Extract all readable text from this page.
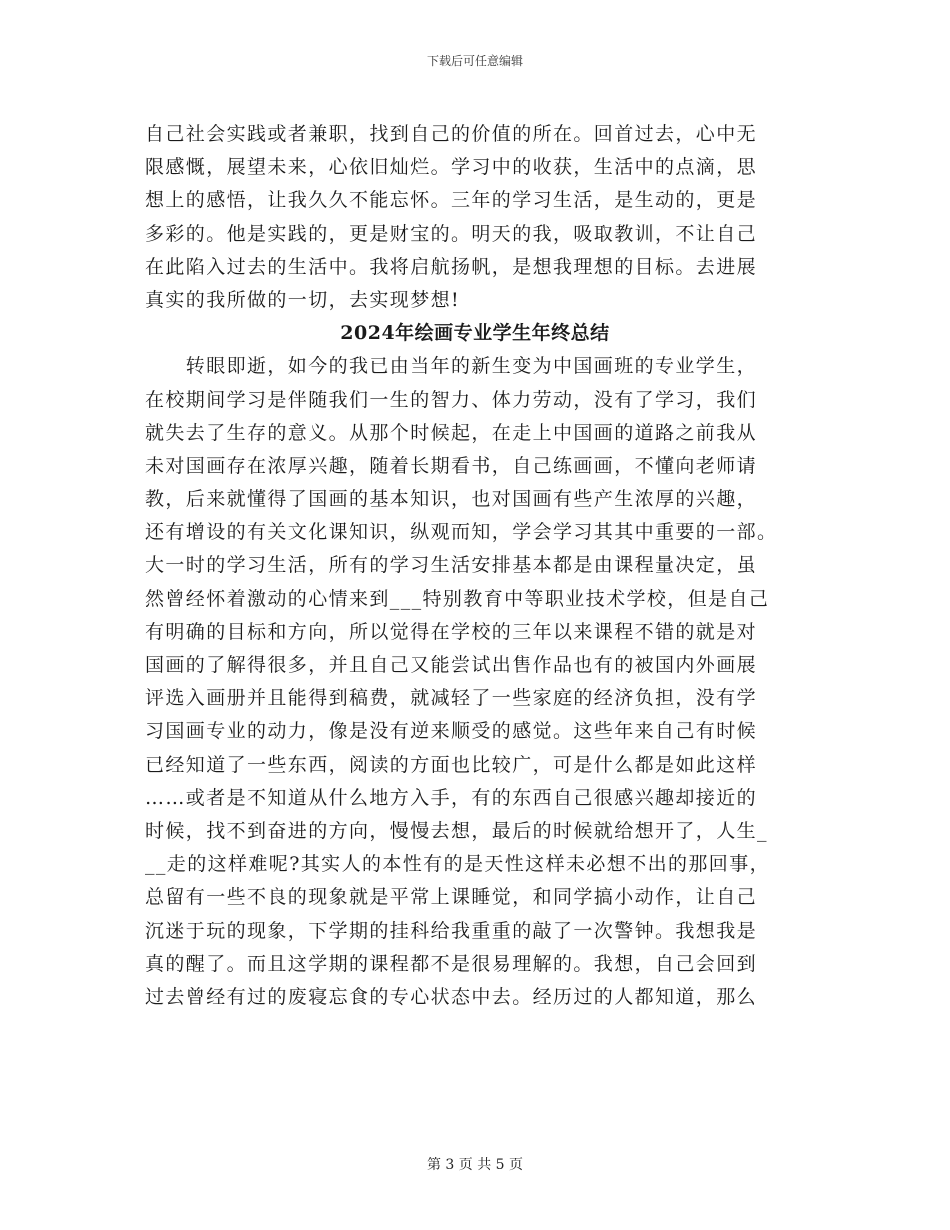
下载后可任意编辑
自己社会实践或者兼职，找到自己的价值的所在。回首过去，心中无
限感慨，展望未来，心依旧灿烂。学习中的收获，生活中的点滴，思
想上的感悟，让我久久不能忘怀。三年的学习生活，是生动的，更是
多彩的。他是实践的，更是财宝的。明天的我，吸取教训，不让自己
在此陷入过去的生活中。我将启航扬帆，是想我理想的目标。去进展
真实的我所做的一切，去实现梦想!
2024年绘画专业学生年终总结
　　转眼即逝，如今的我已由当年的新生变为中国画班的专业学生，
在校期间学习是伴随我们一生的智力、体力劳动，没有了学习，我们
就失去了生存的意义。从那个时候起，在走上中国画的道路之前我从
未对国画存在浓厚兴趣，随着长期看书，自己练画画，不懂向老师请
教，后来就懂得了国画的基本知识，也对国画有些产生浓厚的兴趣，
还有增设的有关文化课知识，纵观而知，学会学习其其中重要的一部。
大一时的学习生活，所有的学习生活安排基本都是由课程量决定，虽
然曾经怀着激动的心情来到___特别教育中等职业技术学校，但是自己
有明确的目标和方向，所以觉得在学校的三年以来课程不错的就是对
国画的了解得很多，并且自己又能尝试出售作品也有的被国内外画展
评选入画册并且能得到稿费，就减轻了一些家庭的经济负担，没有学
习国画专业的动力，像是没有逆来顺受的感觉。这些年来自己有时候
已经知道了一些东西，阅读的方面也比较广，可是什么都是如此这样
……或者是不知道从什么地方入手，有的东西自己很感兴趣却接近的
时候，找不到奋进的方向，慢慢去想，最后的时候就给想开了，人生_
__走的这样难呢?其实人的本性有的是天性这样未必想不出的那回事，
总留有一些不良的现象就是平常上课睡觉，和同学搞小动作，让自己
沉迷于玩的现象，下学期的挂科给我重重的敲了一次警钟。我想我是
真的醒了。而且这学期的课程都不是很易理解的。我想，自己会回到
过去曾经有过的废寝忘食的专心状态中去。经历过的人都知道，那么
第 3 页 共 5 页
